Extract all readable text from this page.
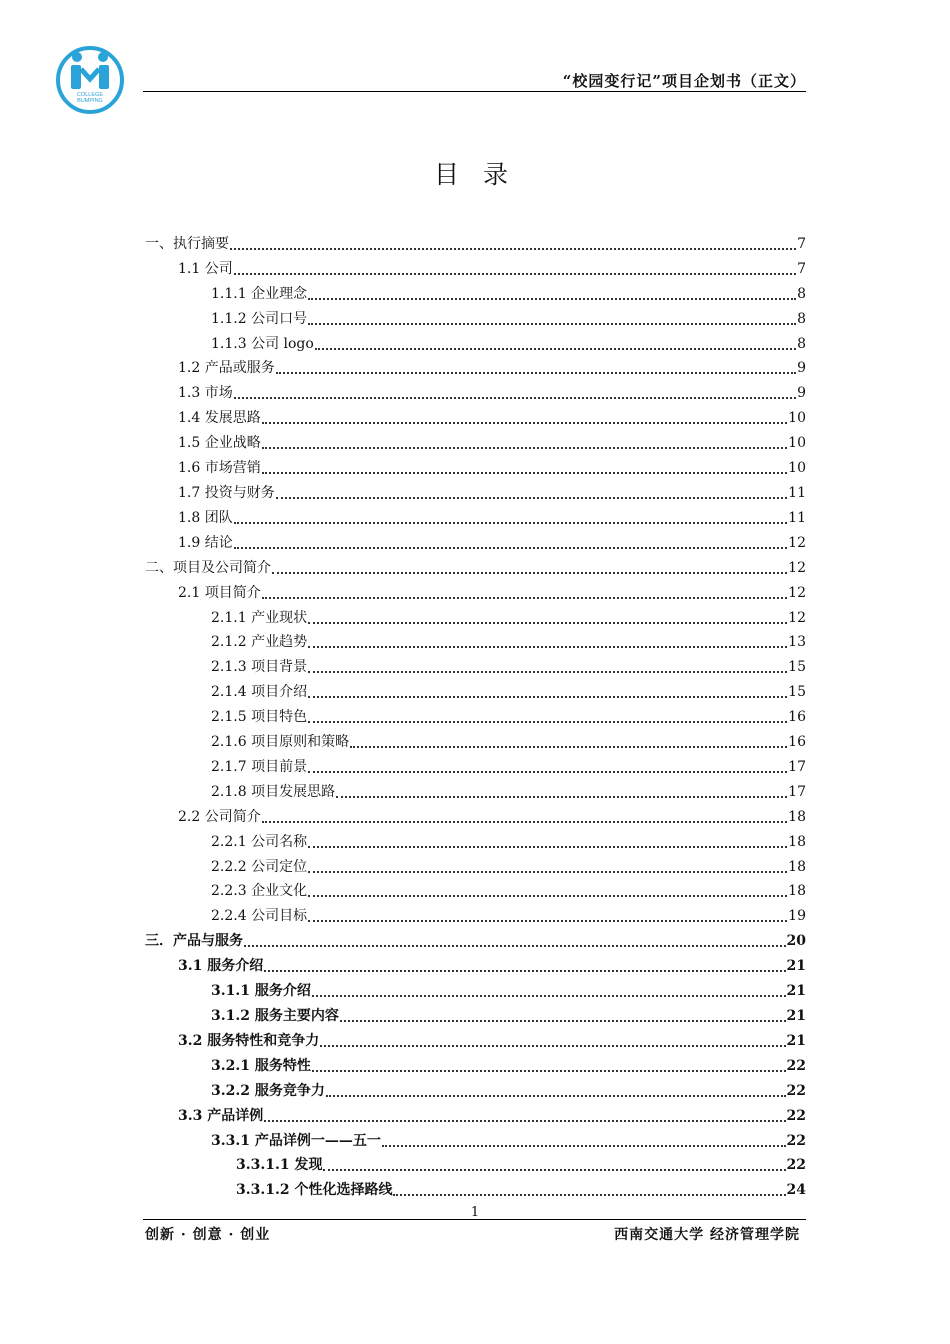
COLLEGE
BUMPING
“校园变行记”项目企划书（正文）
目 录
一、执行摘要	7
1.1 公司	7
1.1.1 企业理念	8
1.1.2 公司口号	8
1.1.3 公司 logo	8
1.2 产品或服务	9
1.3 市场	9
1.4 发展思路	10
1.5 企业战略	10
1.6 市场营销	10
1.7 投资与财务	11
1.8 团队	11
1.9 结论	12
二、项目及公司简介	12
2.1 项目简介	12
2.1.1 产业现状	12
2.1.2 产业趋势	13
2.1.3 项目背景	15
2.1.4 项目介绍	15
2.1.5 项目特色	16
2.1.6 项目原则和策略	16
2.1.7 项目前景	17
2.1.8 项目发展思路	17
2.2 公司简介	18
2.2.1 公司名称	18
2.2.2 公司定位	18
2.2.3 企业文化	18
2.2.4 公司目标	19
三．产品与服务	20
3.1 服务介绍	21
3.1.1 服务介绍	21
3.1.2 服务主要内容	21
3.2 服务特性和竞争力	21
3.2.1 服务特性	22
3.2.2 服务竞争力	22
3.3 产品详例	22
3.3.1 产品详例一——五一	22
3.3.1.1 发现	22
3.3.1.2 个性化选择路线	24
1
创新 · 创意 · 创业	西南交通大学 经济管理学院
